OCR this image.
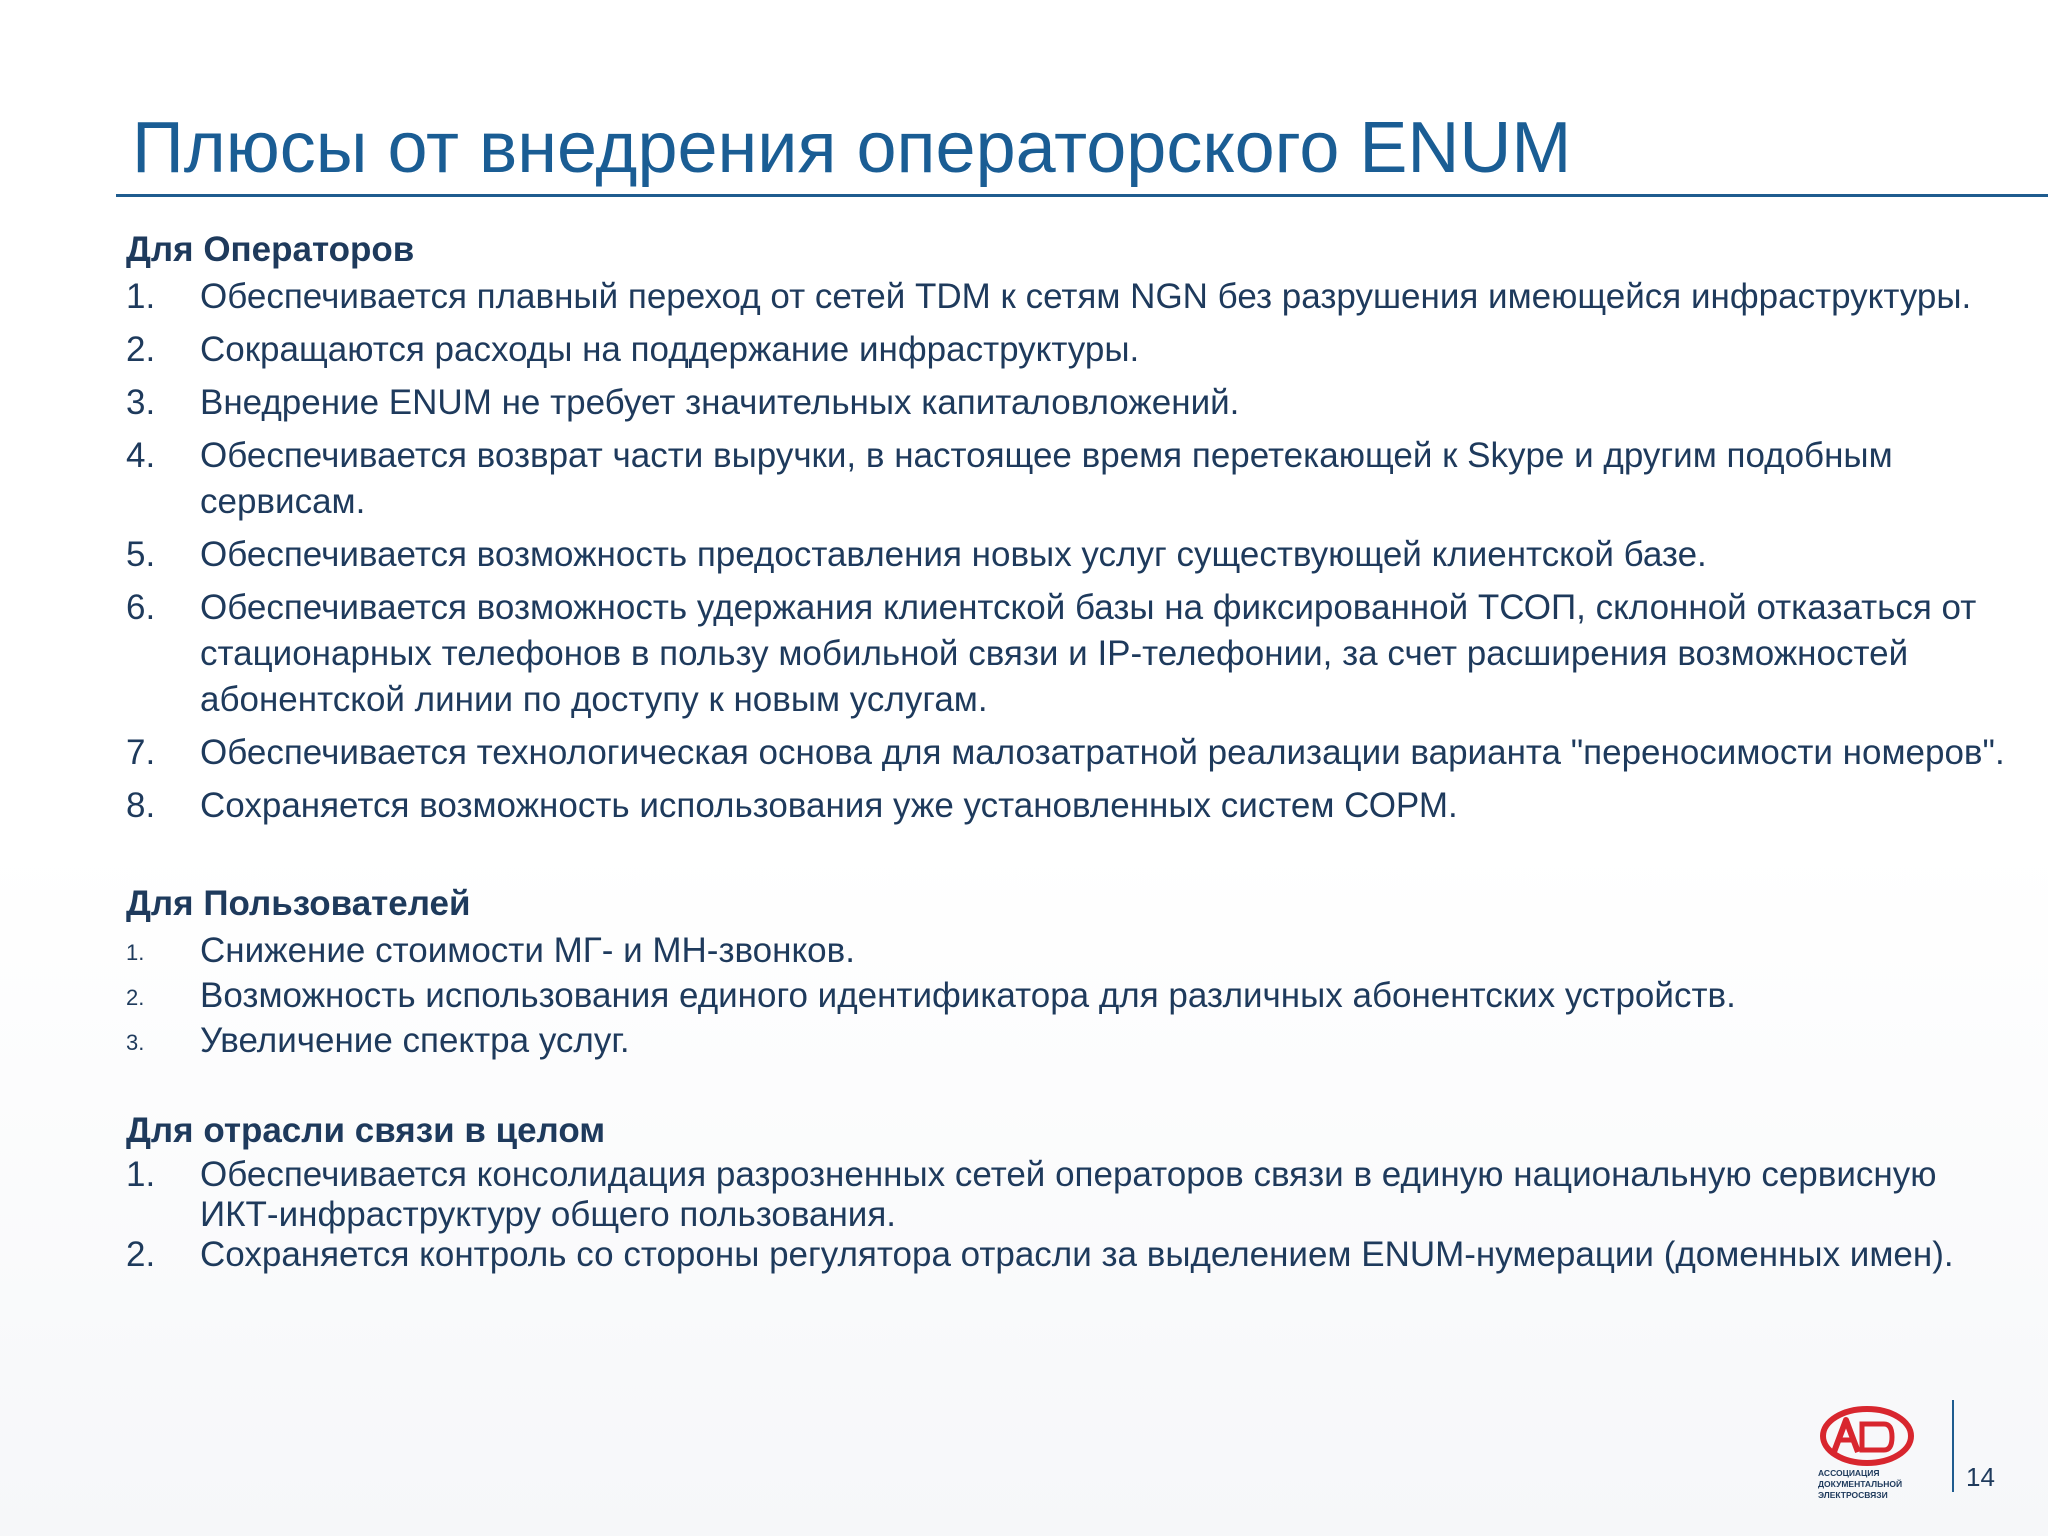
Плюсы от внедрения операторского ENUM
Для Операторов
1. Обеспечивается плавный переход от сетей TDM к сетям NGN без разрушения имеющейся инфраструктуры.
2. Сокращаются расходы на поддержание инфраструктуры.
3. Внедрение ENUM не требует значительных капиталовложений.
4. Обеспечивается возврат части выручки, в настоящее время перетекающей к Skype и другим подобным сервисам.
5. Обеспечивается возможность предоставления новых услуг существующей клиентской базе.
6. Обеспечивается возможность удержания клиентской базы на фиксированной ТСОП, склонной отказаться от стационарных телефонов в пользу мобильной связи и IP-телефонии, за счет расширения возможностей абонентской линии по доступу к новым услугам.
7. Обеспечивается технологическая основа для малозатратной реализации варианта "переносимости номеров".
8. Сохраняется возможность использования уже установленных систем СОРМ.
Для Пользователей
1. Снижение стоимости МГ- и МН-звонков.
2. Возможность использования единого идентификатора для различных абонентских устройств.
3. Увеличение спектра услуг.
Для отрасли связи в целом
1. Обеспечивается консолидация разрозненных сетей операторов связи в единую национальную сервисную ИКТ-инфраструктуру общего пользования.
2. Сохраняется контроль со стороны регулятора отрасли за выделением ENUM-нумерации (доменных имен).
АССОЦИАЦИЯ
ДОКУМЕНТАЛЬНОЙ
ЭЛЕКТРОСВЯЗИ
14
